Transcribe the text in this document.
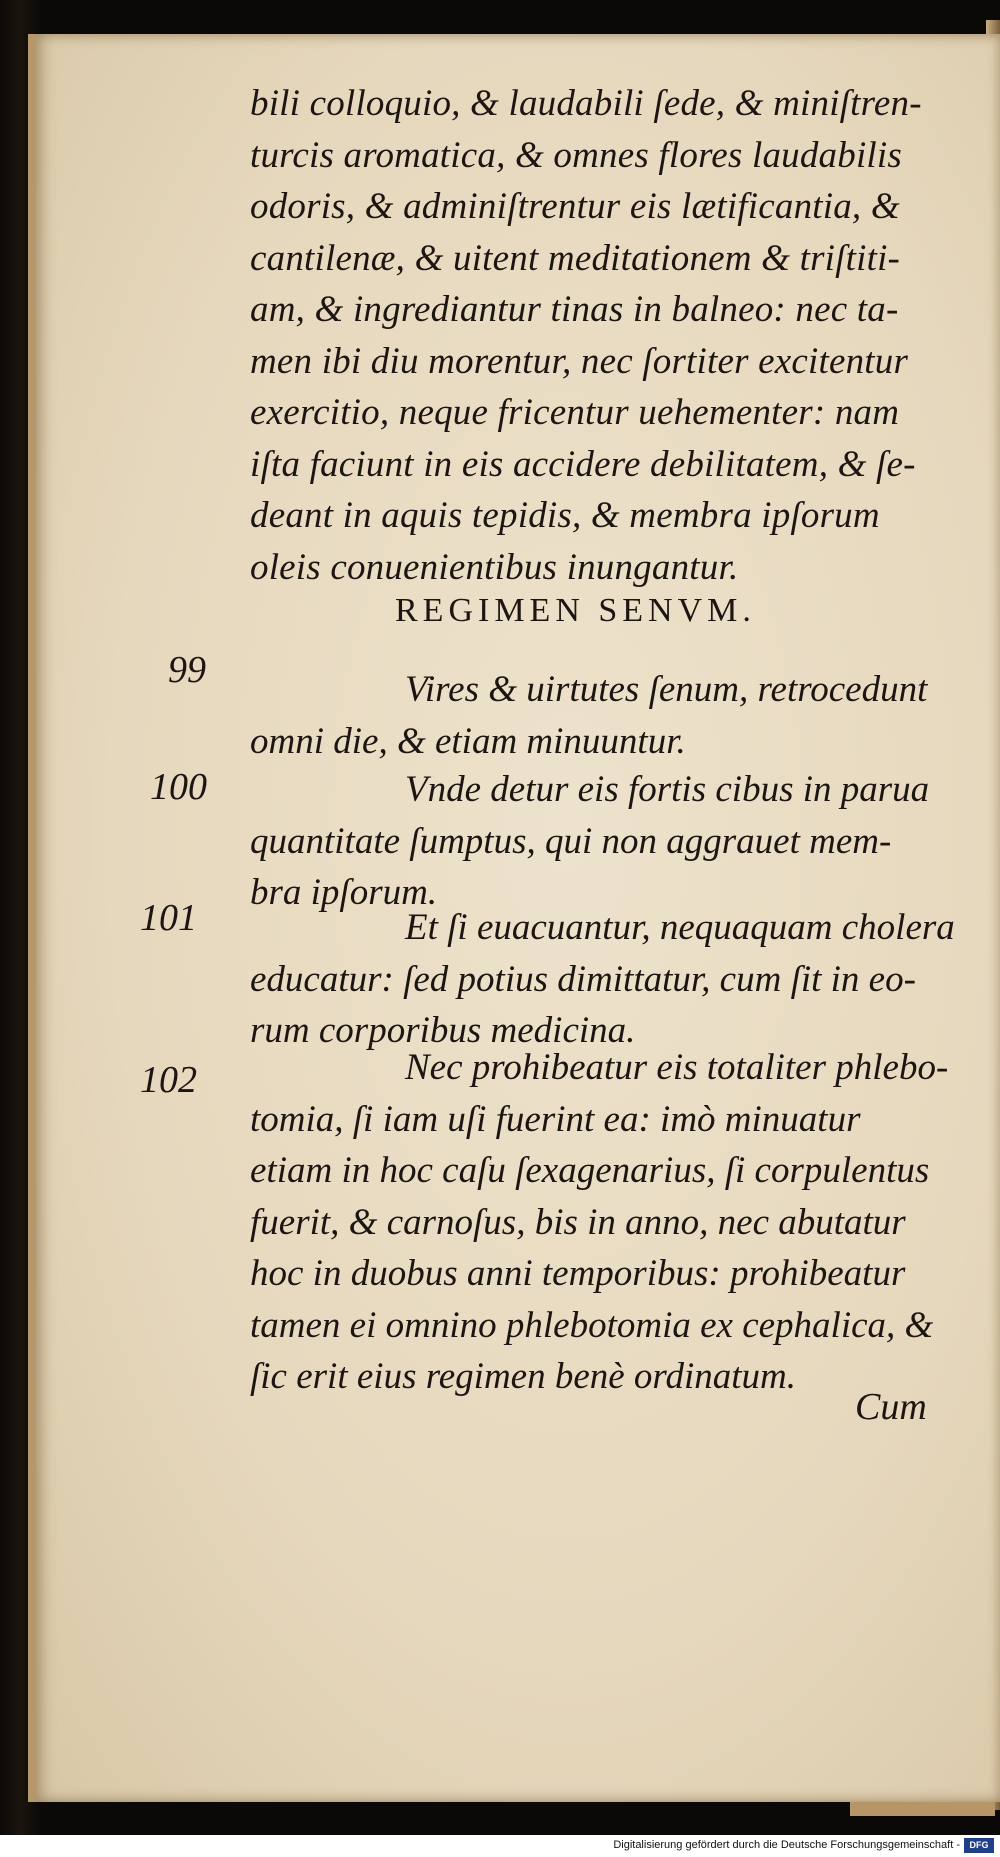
bili colloquio, & laudabili ſede, & miniſtren-
turcis aromatica, & omnes flores laudabilis
odoris, & adminiſtrentur eis lætificantia, &
cantilenæ, & uitent meditationem & triſtiti-
am, & ingrediantur tinas in balneo: nec ta-
men ibi diu morentur, nec ſortiter excitentur
exercitio, neque fricentur uehementer: nam
iſta faciunt in eis accidere debilitatem, & ſe-
deant in aquis tepidis, & membra ipſorum
oleis conuenientibus inungantur.
REGIMEN SENVM.
99	Vires & uirtutes ſenum, retrocedunt
omni die, & etiam minuuntur.
100	Vnde detur eis fortis cibus in parua
quantitate ſumptus, qui non aggrauet mem-
bra ipſorum.
101	Et ſi euacuantur, nequaquam cholera
educatur: ſed potius dimittatur, cum ſit in eo-
rum corporibus medicina.
102	Nec prohibeatur eis totaliter phlebo-
tomia, ſi iam uſi fuerint ea: imò minuatur
etiam in hoc caſu ſexagenarius, ſi corpulentus
fuerit, & carnoſus, bis in anno, nec abutatur
hoc in duobus anni temporibus: prohibeatur
tamen ei omnino phlebotomia ex cephalica, &
ſic erit eius regimen benè ordinatum.
Cum
Digitalisierung gefördert durch die Deutsche Forschungsgemeinschaft -	DFG
